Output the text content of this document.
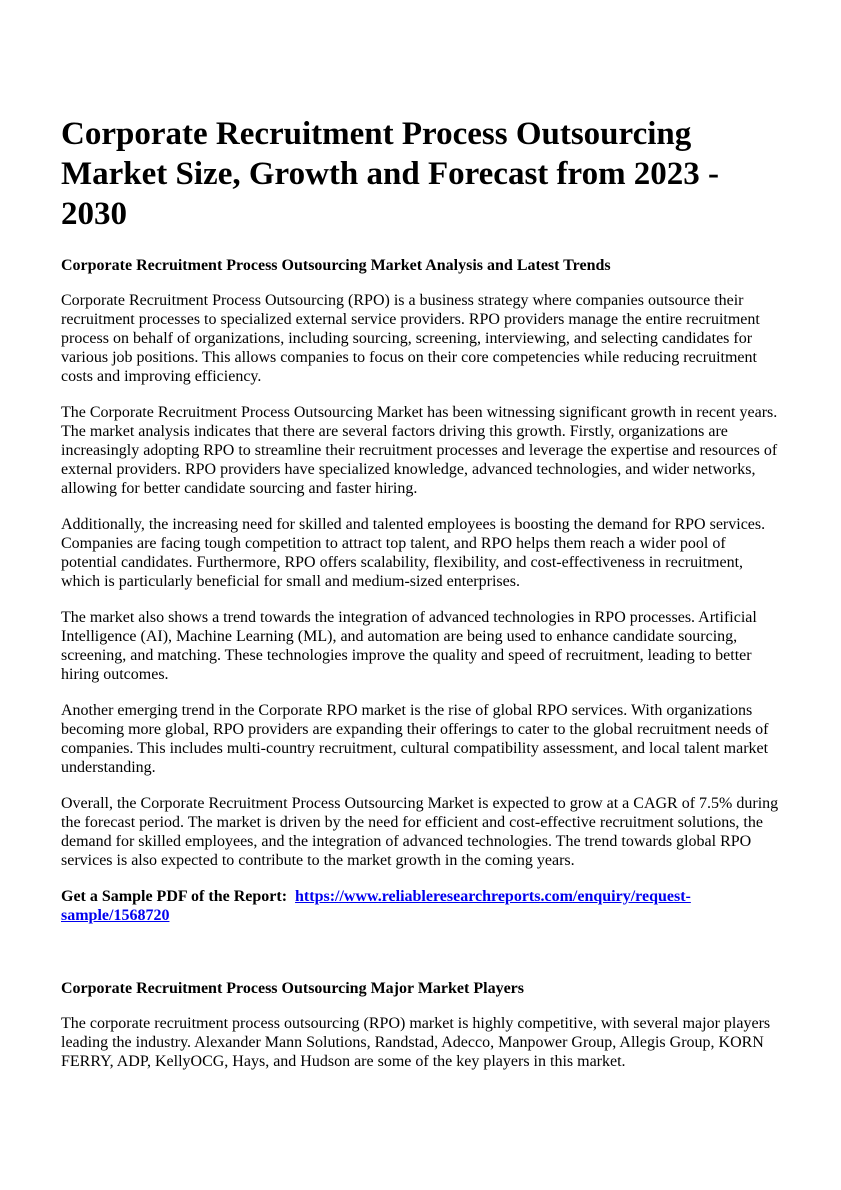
Corporate Recruitment Process Outsourcing Market Size, Growth and Forecast from 2023 - 2030
Corporate Recruitment Process Outsourcing Market Analysis and Latest Trends

Corporate Recruitment Process Outsourcing (RPO) is a business strategy where companies outsource their recruitment processes to specialized external service providers. RPO providers manage the entire recruitment process on behalf of organizations, including sourcing, screening, interviewing, and selecting candidates for various job positions. This allows companies to focus on their core competencies while reducing recruitment costs and improving efficiency.

The Corporate Recruitment Process Outsourcing Market has been witnessing significant growth in recent years. The market analysis indicates that there are several factors driving this growth. Firstly, organizations are increasingly adopting RPO to streamline their recruitment processes and leverage the expertise and resources of external providers. RPO providers have specialized knowledge, advanced technologies, and wider networks, allowing for better candidate sourcing and faster hiring.

Additionally, the increasing need for skilled and talented employees is boosting the demand for RPO services. Companies are facing tough competition to attract top talent, and RPO helps them reach a wider pool of potential candidates. Furthermore, RPO offers scalability, flexibility, and cost-effectiveness in recruitment, which is particularly beneficial for small and medium-sized enterprises.

The market also shows a trend towards the integration of advanced technologies in RPO processes. Artificial Intelligence (AI), Machine Learning (ML), and automation are being used to enhance candidate sourcing, screening, and matching. These technologies improve the quality and speed of recruitment, leading to better hiring outcomes.

Another emerging trend in the Corporate RPO market is the rise of global RPO services. With organizations becoming more global, RPO providers are expanding their offerings to cater to the global recruitment needs of companies. This includes multi-country recruitment, cultural compatibility assessment, and local talent market understanding.

Overall, the Corporate Recruitment Process Outsourcing Market is expected to grow at a CAGR of 7.5% during the forecast period. The market is driven by the need for efficient and cost-effective recruitment solutions, the demand for skilled employees, and the integration of advanced technologies. The trend towards global RPO services is also expected to contribute to the market growth in the coming years.

Get a Sample PDF of the Report: https://www.reliableresearchreports.com/enquiry/request-sample/1568720

Corporate Recruitment Process Outsourcing Major Market Players

The corporate recruitment process outsourcing (RPO) market is highly competitive, with several major players leading the industry. Alexander Mann Solutions, Randstad, Adecco, Manpower Group, Allegis Group, KORN FERRY, ADP, KellyOCG, Hays, and Hudson are some of the key players in this market.
